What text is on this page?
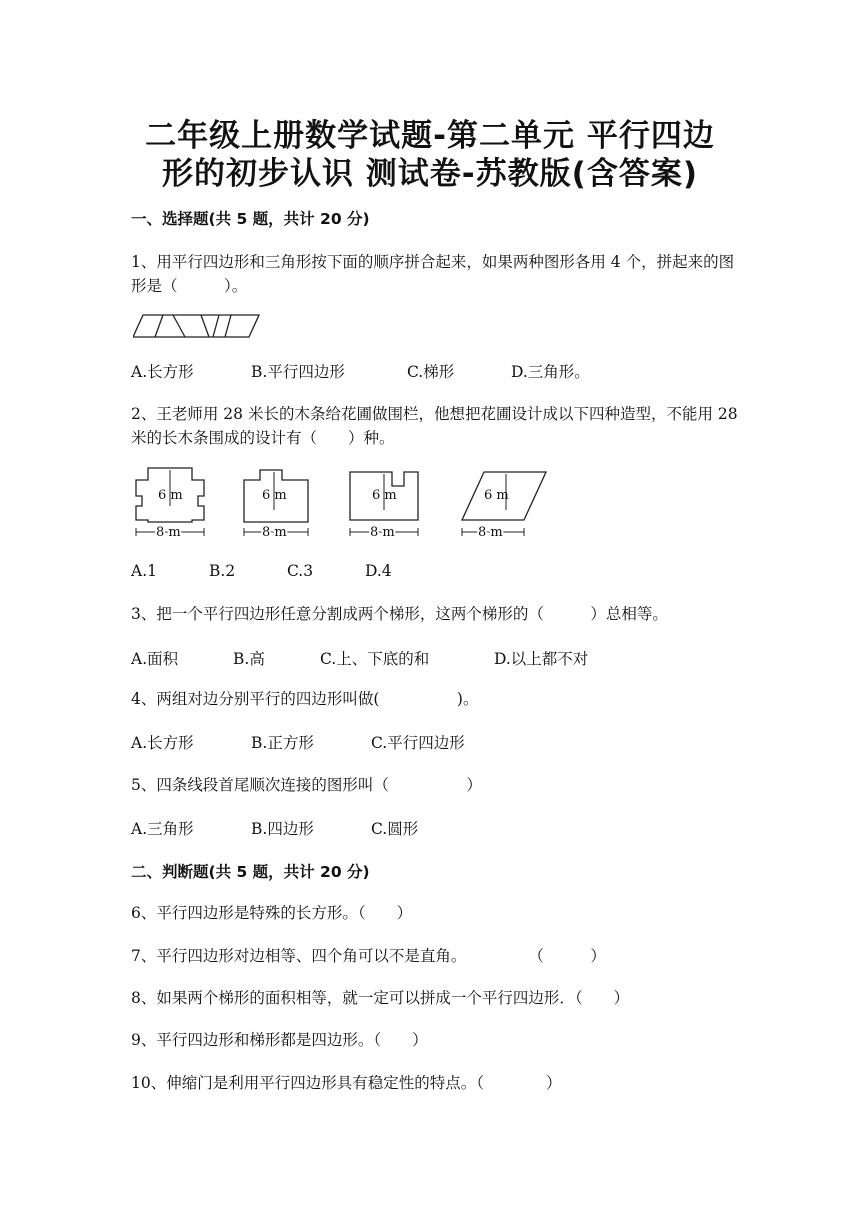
二年级上册数学试题-第二单元 平行四边
形的初步认识 测试卷-苏教版(含答案)
一、选择题(共 5 题，共计 20 分)
1、用平行四边形和三角形按下面的顺序拼合起来，如果两种图形各用 4 个，拼起来的图形是（　　　）。
A.长方形	B.平行四边形	C.梯形	D.三角形。
2、王老师用 28 米长的木条给花圃做围栏，他想把花圃设计成以下四种造型，不能用 28 米的长木条围成的设计有（　　）种。
6 m	6 m	6 m	6 m
8 m	8 m	8 m	8 m
A.1	B.2	C.3	D.4
3、把一个平行四边形任意分割成两个梯形，这两个梯形的（　　　）总相等。
A.面积	B.高	C.上、下底的和	D.以上都不对
4、两组对边分别平行的四边形叫做(　　　　　)。
A.长方形	B.正方形	C.平行四边形
5、四条线段首尾顺次连接的图形叫（　　　　　）
A.三角形	B.四边形	C.圆形
二、判断题(共 5 题，共计 20 分)
6、平行四边形是特殊的长方形。（　　）
7、平行四边形对边相等、四个角可以不是直角。　　　　　（　　　）
8、如果两个梯形的面积相等，就一定可以拼成一个平行四边形．（　　）
9、平行四边形和梯形都是四边形。（　　）
10、伸缩门是利用平行四边形具有稳定性的特点。（　　　　）
